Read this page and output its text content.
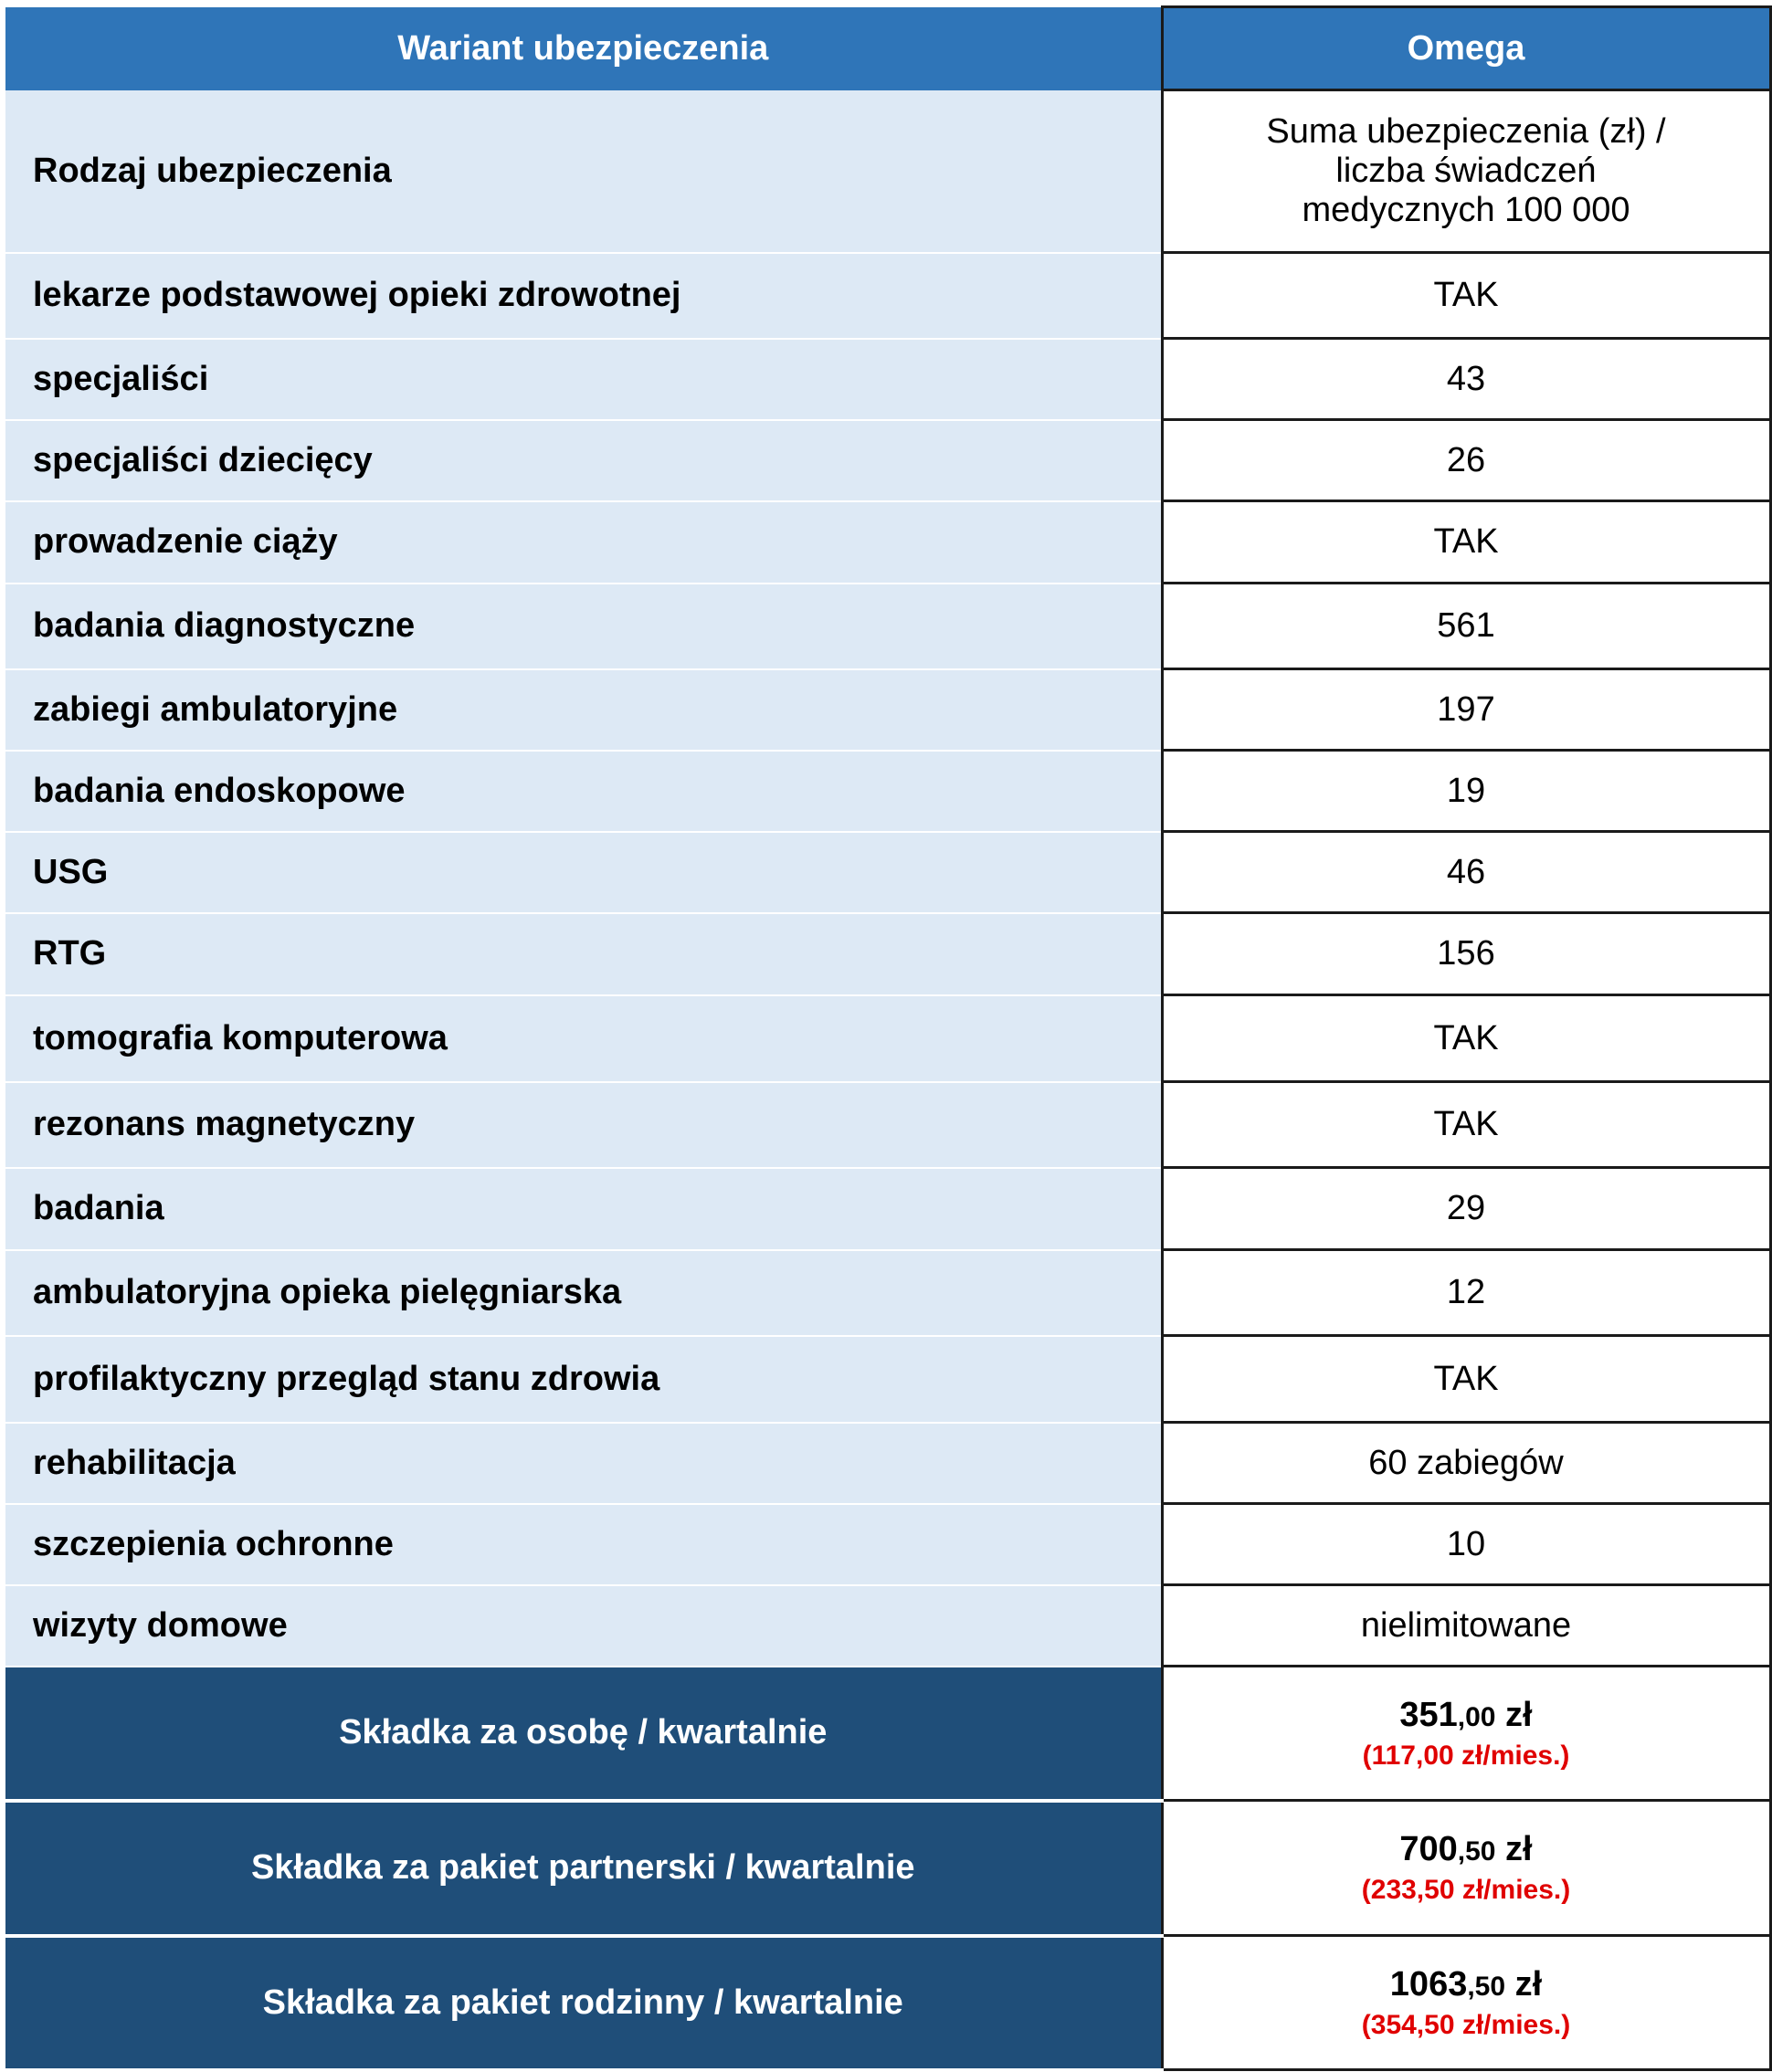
Wariant ubezpieczenia	Omega
Rodzaj ubezpieczenia	Suma ubezpieczenia (zł) /
liczba świadczeń
medycznych 100 000
lekarze podstawowej opieki zdrowotnej	TAK
specjaliści	43
specjaliści dziecięcy	26
prowadzenie ciąży	TAK
badania diagnostyczne	561
zabiegi ambulatoryjne	197
badania endoskopowe	19
USG	46
RTG	156
tomografia komputerowa	TAK
rezonans magnetyczny	TAK
badania	29
ambulatoryjna opieka pielęgniarska	12
profilaktyczny przegląd stanu zdrowia	TAK
rehabilitacja	60 zabiegów
szczepienia ochronne	10
wizyty domowe	nielimitowane
Składka za osobę / kwartalnie	351,00 zł
(117,00 zł/mies.)

Składka za pakiet partnerski / kwartalnie	700,50 zł
(233,50 zł/mies.)

Składka za pakiet rodzinny / kwartalnie	1063,50 zł
(354,50 zł/mies.)
